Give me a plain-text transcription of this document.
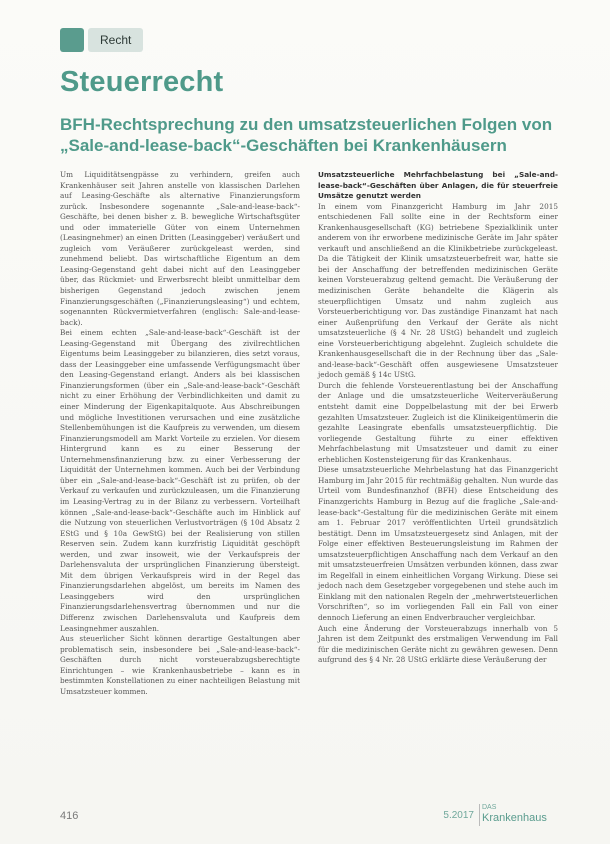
Recht
Steuerrecht
BFH-Rechtsprechung zu den umsatzsteuerlichen Folgen von „Sale-and-lease-back“-Geschäften bei Krankenhäusern

Um Liquiditätsengpässe zu verhindern, greifen auch Krankenhäuser seit Jahren anstelle von klassischen Darlehen auf Leasing-Geschäfte als alternative Finanzierungsform zurück. Insbesondere sogenannte „Sale-and-lease-back“-Geschäfte, bei denen bisher z. B. bewegliche Wirtschaftsgüter und oder immaterielle Güter von einem Unternehmen (Leasingnehmer) an einen Dritten (Leasinggeber) veräußert und zugleich vom Veräußerer zurückgeleast werden, sind zunehmend beliebt. Das wirtschaftliche Eigentum an dem Leasing-Gegenstand geht dabei nicht auf den Leasinggeber über, das Rückmiet- und Erwerbsrecht bleibt unmittelbar dem bisherigen Gegenstand jedoch zwischen jenem Finanzierungsgeschäften („Finanzierungsleasing“) und echtem, sogenannten Rückvermietverfahren (englisch: Sale-and-lease-back).

Bei einem echten „Sale-and-lease-back“-Geschäft ist der Leasing-Gegenstand mit Übergang des zivilrechtlichen Eigentums beim Leasinggeber zu bilanzieren, dies setzt voraus, dass der Leasinggeber eine umfassende Verfügungsmacht über den Leasing-Gegenstand erlangt. Anders als bei klassischen Finanzierungsformen (über ein „Sale-and-lease-back“-Geschäft nicht zu einer Erhöhung der Verbindlichkeiten und damit zu einer Minderung der Eigenkapitalquote. Aus Abschreibungen und mögliche Investitionen verursachen und eine zusätzliche Stellenbemühungen ist die Kaufpreis zu verwenden, um diesem Finanzierungsmodell am Markt Vorteile zu erzielen. Vor diesem Hintergrund kann es zu einer Besserung der Unternehmensfinanzierung bzw. zu einer Verbesserung der Liquidität der Unternehmen kommen. Auch bei der Verbindung über ein „Sale-and-lease-back“-Geschäft ist zu prüfen, ob der Verkauf zu verkaufen und zurückzuleasen, um die Finanzierung im Leasing-Vertrag zu in der Bilanz zu verbessern. Vorteilhaft können „Sale-and-lease-back“-Geschäfte auch im Hinblick auf die Nutzung von steuerlichen Verlustvorträgen (§ 10d Absatz 2 EStG und § 10a GewStG) bei der Realisierung von stillen Reserven sein. Zudem kann kurzfristig Liquidität geschöpft werden, und zwar insoweit, wie der Verkaufspreis der Darlehensvaluta der ursprünglichen Finanzierung übersteigt. Mit dem übrigen Verkaufspreis wird in der Regel das Finanzierungsdarlehen abgelöst, um bereits im Namen des Leasinggebers wird den ursprünglichen Finanzierungsdarlehensvertrag übernommen und nur die Differenz zwischen Darlehensvaluta und Kaufpreis dem Leasingnehmer auszahlen.

Aus steuerlicher Sicht können derartige Gestaltungen aber problematisch sein, insbesondere bei „Sale-and-lease-back“-Geschäften durch nicht vorsteuerabzugsberechtigte Einrichtungen – wie Krankenhausbetriebe – kann es in bestimmten Konstellationen zu einer nachteiligen Belastung mit Umsatzsteuer kommen.

Umsatzsteuerliche Mehrfachbelastung bei „Sale-and-lease-back“-Geschäften über Anlagen, die für steuerfreie Umsätze genutzt werden

In einem vom Finanzgericht Hamburg im Jahr 2015 entschiedenen Fall sollte eine in der Rechtsform einer Krankenhausgesellschaft (KG) betriebene Spezialklinik unter anderem von ihr erworbene medizinische Geräte im Jahr später verkauft und anschließend an die Klinikbetriebe zurückgeleast. Da die Tätigkeit der Klinik umsatzsteuerbefreit war, hatte sie bei der Anschaffung der betreffenden medizinischen Geräte keinen Vorsteuerabzug geltend gemacht. Die Veräußerung der medizinischen Geräte behandelte die Klägerin als steuerpflichtigen Umsatz und nahm zugleich aus Vorsteuerberichtigung vor. Das zuständige Finanzamt hat nach einer Außenprüfung den Verkauf der Geräte als nicht umsatzsteuerliche (§ 4 Nr. 28 UStG) behandelt und zugleich eine Vorsteuerberichtigung abgelehnt. Zugleich schuldete die Krankenhausgesellschaft die in der Rechnung über das „Sale-and-lease-back“-Geschäft offen ausgewiesene Umsatzsteuer jedoch gemäß § 14c UStG.

Durch die fehlende Vorsteuerentlastung bei der Anschaffung der Anlage und die umsatzsteuerliche Weiterveräußerung entsteht damit eine Doppelbelastung mit der bei Erwerb gezahlten Umsatzsteuer. Zugleich ist die Klinikeigentümerin die gezahlte Leasingrate ebenfalls umsatzsteuerpflichtig. Die vorliegende Gestaltung führte zu einer effektiven Mehrfachbelastung mit Umsatzsteuer und damit zu einer erheblichen Kostensteigerung für das Krankenhaus.

Diese umsatzsteuerliche Mehrbelastung hat das Finanzgericht Hamburg im Jahr 2015 für rechtmäßig gehalten. Nun wurde das Urteil vom Bundesfinanzhof (BFH) diese Entscheidung des Finanzgerichts Hamburg in Bezug auf die fragliche „Sale-and-lease-back“-Gestaltung für die medizinischen Geräte mit einem am 1. Februar 2017 veröffentlichten Urteil grundsätzlich bestätigt. Denn im Umsatzsteuergesetz sind Anlagen, mit der Folge einer effektiven Besteuerungsleistung im Rahmen der umsatzsteuerpflichtigen Anschaffung nach dem Verkauf an den mit umsatzsteuerfreien Umsätzen verbunden können, dass zwar im Regelfall in einem einheitlichen Vorgang Wirkung. Diese sei jedoch nach dem Gesetzgeber vorgegebenen und stehe auch im Einklang mit den nationalen Regeln der „mehrwertsteuerlichen Vorschriften“, so im vorliegenden Fall ein Fall von einer dennoch Lieferung an einen Endverbraucher vergleichbar.

Auch eine Änderung der Vorsteuerabzugs innerhalb von 5 Jahren ist dem Zeitpunkt des erstmaligen Verwendung im Fall für die medizinischen Geräte nicht zu gewähren gewesen. Denn aufgrund des § 4 Nr. 28 UStG erklärte diese Veräußerung der

416	5.2017
DAS
Krankenhaus
